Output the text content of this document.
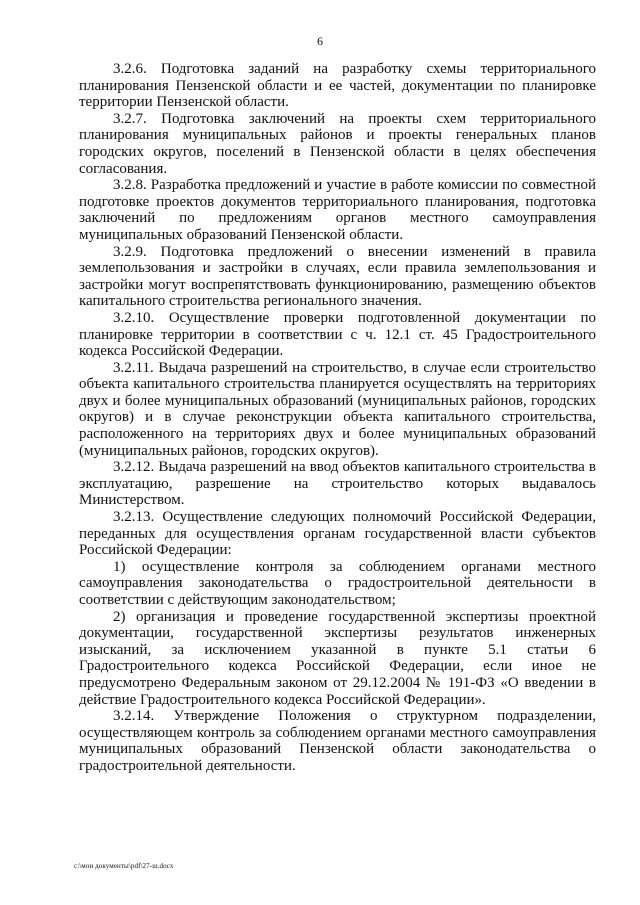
6

3.2.6. Подготовка заданий на разработку схемы территориального планирования Пензенской области и ее частей, документации по планировке территории Пензенской области.

3.2.7. Подготовка заключений на проекты схем территориального планирования муниципальных районов и проекты генеральных планов городских округов, поселений в Пензенской области в целях обеспечения согласования.

3.2.8. Разработка предложений и участие в работе комиссии по совместной подготовке проектов документов территориального планирования, подготовка заключений по предложениям органов местного самоуправления муниципальных образований Пензенской области.

3.2.9. Подготовка предложений о внесении изменений в правила землепользования и застройки в случаях, если правила землепользования и застройки могут воспрепятствовать функционированию, размещению объектов капитального строительства регионального значения.

3.2.10. Осуществление проверки подготовленной документации по планировке территории в соответствии с ч. 12.1 ст. 45 Градостроительного кодекса Российской Федерации.

3.2.11. Выдача разрешений на строительство, в случае если строительство объекта капитального строительства планируется осуществлять на территориях двух и более муниципальных образований (муниципальных районов, городских округов) и в случае реконструкции объекта капитального строительства, расположенного на территориях двух и более муниципальных образований (муниципальных районов, городских округов).

3.2.12. Выдача разрешений на ввод объектов капитального строительства в эксплуатацию, разрешение на строительство которых выдавалось Министерством.

3.2.13. Осуществление следующих полномочий Российской Федерации, переданных для осуществления органам государственной власти субъектов Российской Федерации:

1) осуществление контроля за соблюдением органами местного самоуправления законодательства о градостроительной деятельности в соответствии с действующим законодательством;

2) организация и проведение государственной экспертизы проектной документации, государственной экспертизы результатов инженерных изысканий, за исключением указанной в пункте 5.1 статьи 6 Градостроительного кодекса Российской Федерации, если иное не предусмотрено Федеральным законом от 29.12.2004 № 191-ФЗ «О введении в действие Градостроительного кодекса Российской Федерации».

3.2.14. Утверждение Положения о структурном подразделении, осуществляющем контроль за соблюдением органами местного самоуправления муниципальных образований Пензенской области законодательства о градостроительной деятельности.

c:\мои документы\pdf\27-ш.docx
